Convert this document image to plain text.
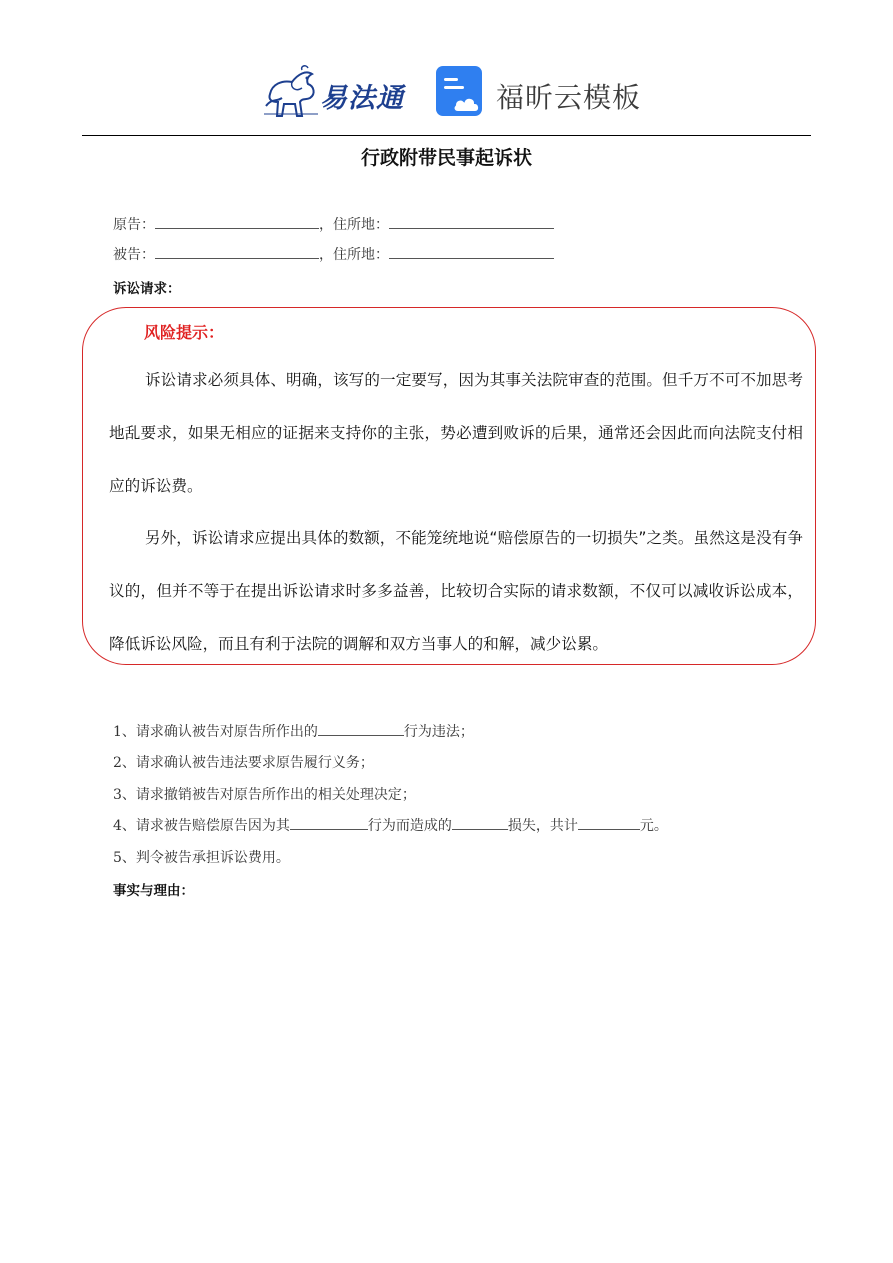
易法通	福昕云模板
行政附带民事起诉状
原告：	，住所地：
被告：	，住所地：
诉讼请求：
风险提示：
诉讼请求必须具体、明确，该写的一定要写，因为其事关法院审查的范围。但千万不可不加思考地乱要求，如果无相应的证据来支持你的主张，势必遭到败诉的后果，通常还会因此而向法院支付相应的诉讼费。
另外，诉讼请求应提出具体的数额，不能笼统地说“赔偿原告的一切损失”之类。虽然这是没有争议的，但并不等于在提出诉讼请求时多多益善，比较切合实际的请求数额，不仅可以减收诉讼成本，降低诉讼风险，而且有利于法院的调解和双方当事人的和解，减少讼累。
1、请求确认被告对原告所作出的	行为违法；
2、请求确认被告违法要求原告履行义务；
3、请求撤销被告对原告所作出的相关处理决定；
4、请求被告赔偿原告因为其	行为而造成的	损失，共计	元。
5、判令被告承担诉讼费用。
事实与理由：
